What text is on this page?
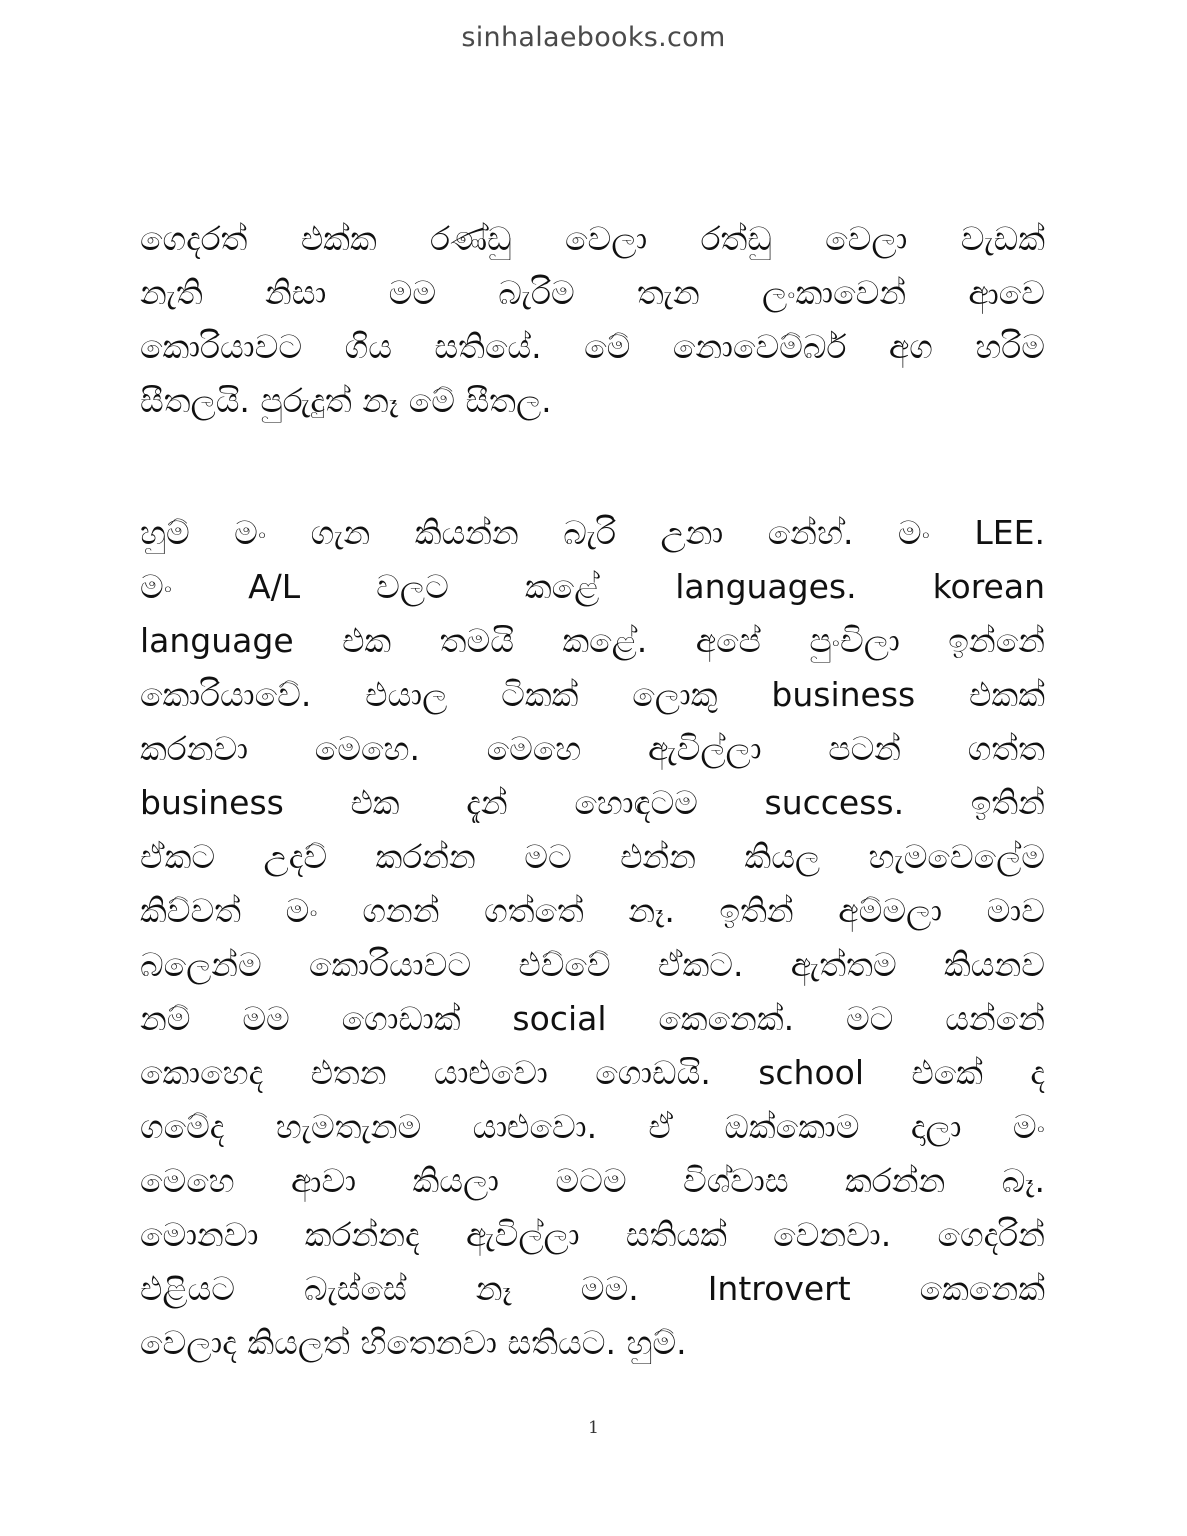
sinhalaebooks.com
ගෙදරත් එක්ක රණ්ඩු වෙලා රත්ඩු වෙලා වැඩක්
නැති නිසා මම බැරිම තැන ලංකාවෙන් ආවෙ
කොරියාවට ගිය සතියේ. මේ නොවෙම්බර් අග හරිම
සීතලයි. පුරුදුත් නෑ මේ සීතල.
හුම් මං ගැන කියන්න බැරි උනා නේහ්. මං LEE.
මං A/L වලට කළේ languages. korean
language එක තමයි කළේ. අපේ පුංචිලා ඉන්නේ
කොරියාවේ. එයාල ටිකක් ලොකු business එකක්
කරනවා මෙහෙ. මෙහෙ ඇවිල්ලා පටන් ගත්ත
business එක දැන් හොඳටම success. ඉතින්
ඒකට උදව් කරන්න මට එන්න කියල හැමවෙලේම
කිව්වත් මං ගනන් ගත්තේ නෑ. ඉතින් අම්මලා මාව
බලෙන්ම කොරියාවට එව්වේ ඒකට. ඇත්තම කියනව
නම් මම ගොඩාක් social කෙනෙක්. මට යන්නේ
කොහෙද එතන යාළුවො ගොඩයි. school එකේ ද
ගමේද හැමතැනම යාළුවො. ඒ ඔක්කොම දාලා මං
මෙහෙ ආවා කියලා මටම විශ්වාස කරන්න බෑ.
මොනවා කරන්නද ඇවිල්ලා සතියක් වෙනවා. ගෙදරින්
එළියට බැස්සේ නෑ මම. Introvert කෙනෙක්
වෙලාද කියලත් හිතෙනවා සතියට. හුම්.
1
